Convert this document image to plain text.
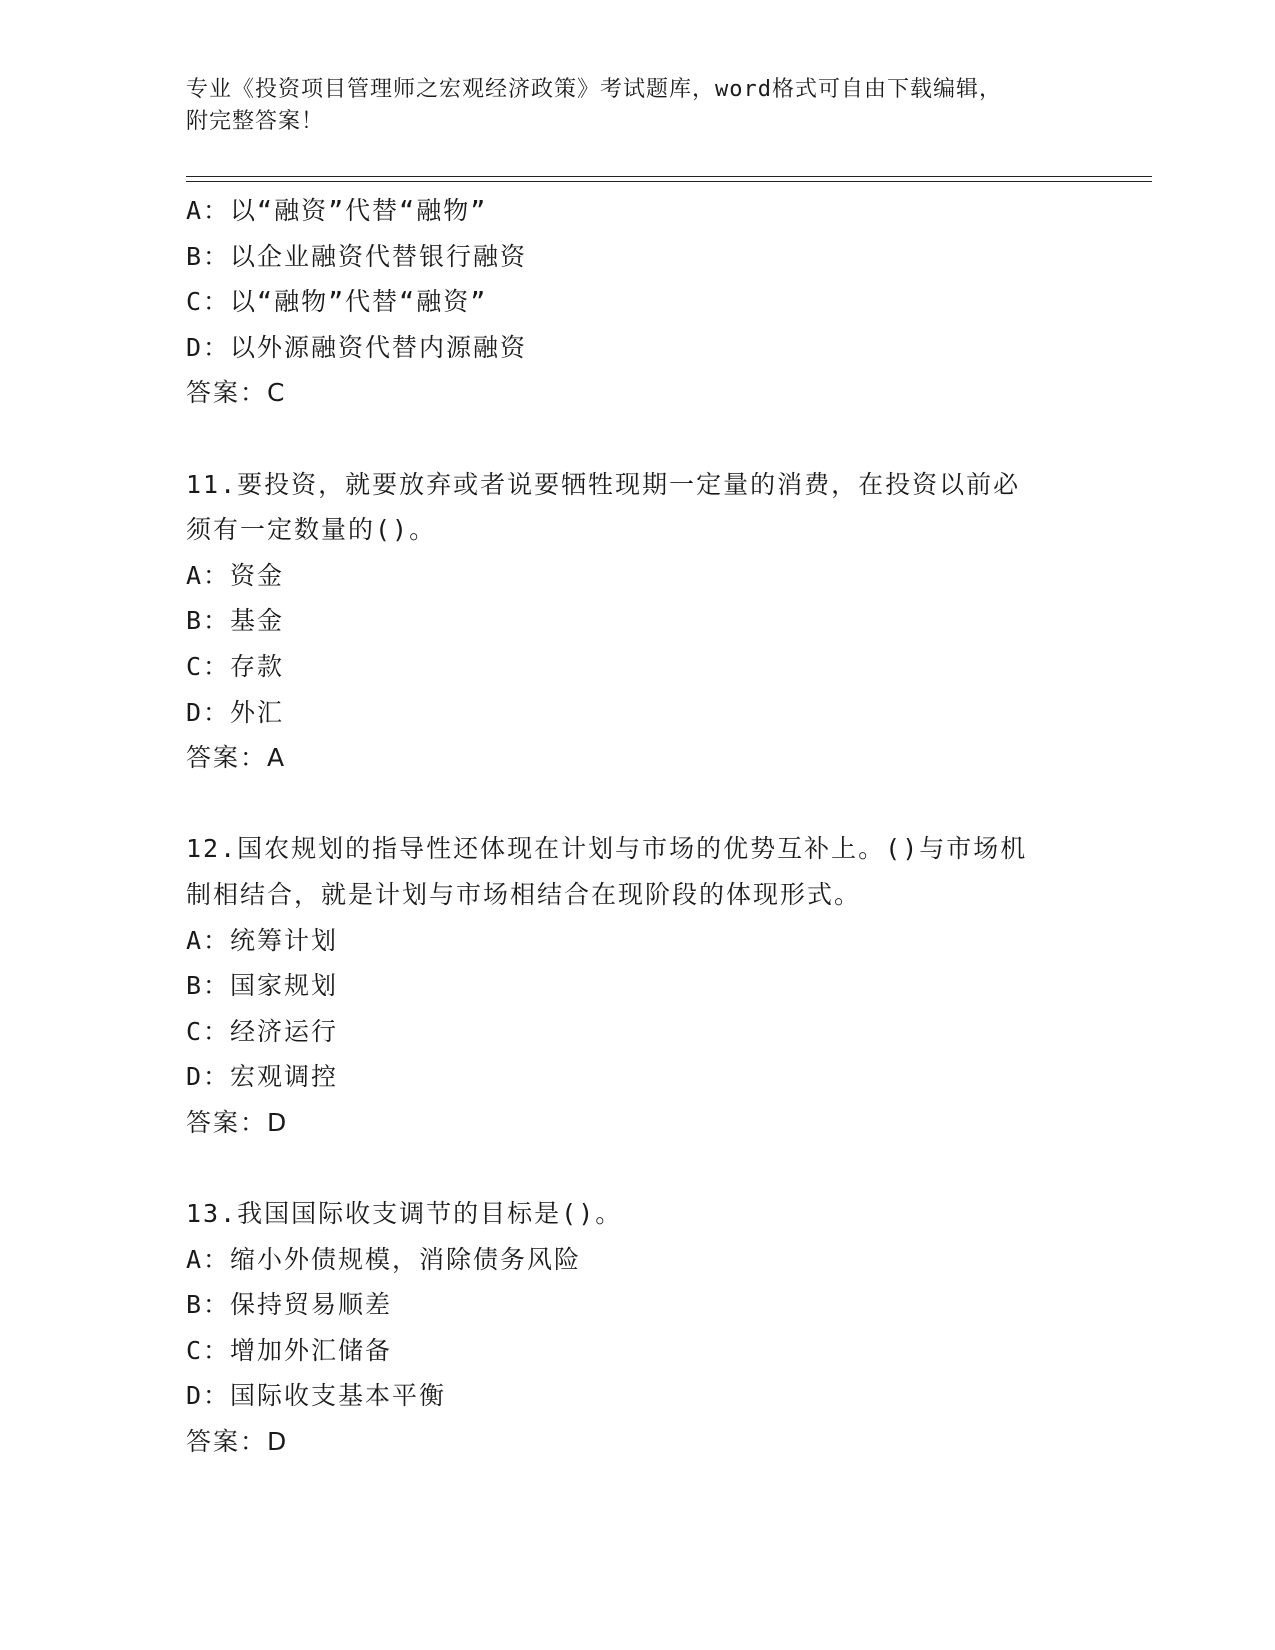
专业《投资项目管理师之宏观经济政策》考试题库，word格式可自由下载编辑，
附完整答案！
A：以“融资”代替“融物”
B：以企业融资代替银行融资
C：以“融物”代替“融资”
D：以外源融资代替内源融资
答案：C
11.要投资，就要放弃或者说要牺牲现期一定量的消费，在投资以前必
须有一定数量的()。
A：资金
B：基金
C：存款
D：外汇
答案：A
12.国农规划的指导性还体现在计划与市场的优势互补上。()与市场机
制相结合，就是计划与市场相结合在现阶段的体现形式。
A：统筹计划
B：国家规划
C：经济运行
D：宏观调控
答案：D
13.我国国际收支调节的目标是()。
A：缩小外债规模，消除债务风险
B：保持贸易顺差
C：增加外汇储备
D：国际收支基本平衡
答案：D
